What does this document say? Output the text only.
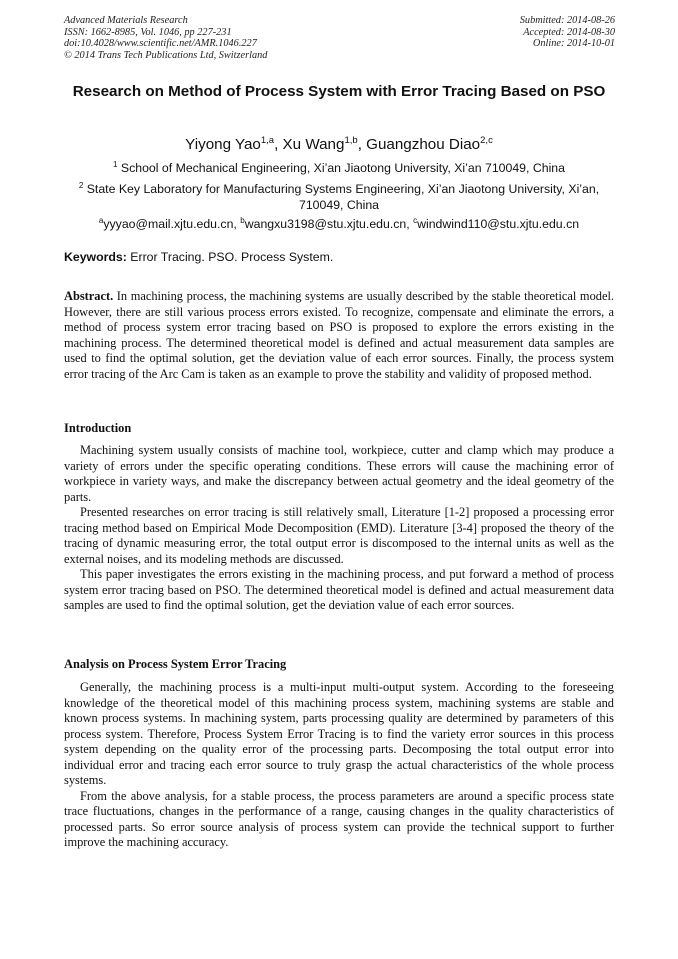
Advanced Materials Research
ISSN: 1662-8985, Vol. 1046, pp 227-231
doi:10.4028/www.scientific.net/AMR.1046.227
© 2014 Trans Tech Publications Ltd, Switzerland
Submitted: 2014-08-26
Accepted: 2014-08-30
Online: 2014-10-01
Research on Method of Process System with Error Tracing Based on PSO
Yiyong Yao$^{1,a}$, Xu Wang$^{1,b}$, Guangzhou Diao$^{2,c}$
$^1$ School of Mechanical Engineering, Xi’an Jiaotong University, Xi’an 710049, China
$^2$ State Key Laboratory for Manufacturing Systems Engineering, Xi’an Jiaotong University, Xi’an, 710049, China
$^a$yyyao@mail.xjtu.edu.cn, $^b$wangxu3198@stu.xjtu.edu.cn, $^c$windwind110@stu.xjtu.edu.cn
Keywords: Error Tracing. PSO. Process System.

Abstract. In machining process, the machining systems are usually described by the stable theoretical model. However, there are still various process errors existed. To recognize, compensate and eliminate the errors, a method of process system error tracing based on PSO is proposed to explore the errors existing in the machining process. The determined theoretical model is defined and actual measurement data samples are used to find the optimal solution, get the deviation value of each error sources. Finally, the process system error tracing of the Arc Cam is taken as an example to prove the stability and validity of proposed method.

Introduction

Machining system usually consists of machine tool, workpiece, cutter and clamp which may produce a variety of errors under the specific operating conditions. These errors will cause the machining error of workpiece in variety ways, and make the discrepancy between actual geometry and the ideal geometry of the parts.

Presented researches on error tracing is still relatively small, Literature [1-2] proposed a processing error tracing method based on Empirical Mode Decomposition (EMD). Literature [3-4] proposed the theory of the tracing of dynamic measuring error, the total output error is discomposed to the internal units as well as the external noises, and its modeling methods are discussed.

This paper investigates the errors existing in the machining process, and put forward a method of process system error tracing based on PSO. The determined theoretical model is defined and actual measurement data samples are used to find the optimal solution, get the deviation value of each error sources.

Analysis on Process System Error Tracing

Generally, the machining process is a multi-input multi-output system. According to the foreseeing knowledge of the theoretical model of this machining process system, machining systems are stable and known process systems. In machining system, parts processing quality are determined by parameters of this process system. Therefore, Process System Error Tracing is to find the variety error sources in this process system depending on the quality error of the processing parts. Decomposing the total output error into individual error and tracing each error source to truly grasp the actual characteristics of the whole process systems.

From the above analysis, for a stable process, the process parameters are around a specific process state trace fluctuations, changes in the performance of a range, causing changes in the quality characteristics of processed parts. So error source analysis of process system can provide the technical support to further improve the machining accuracy.
